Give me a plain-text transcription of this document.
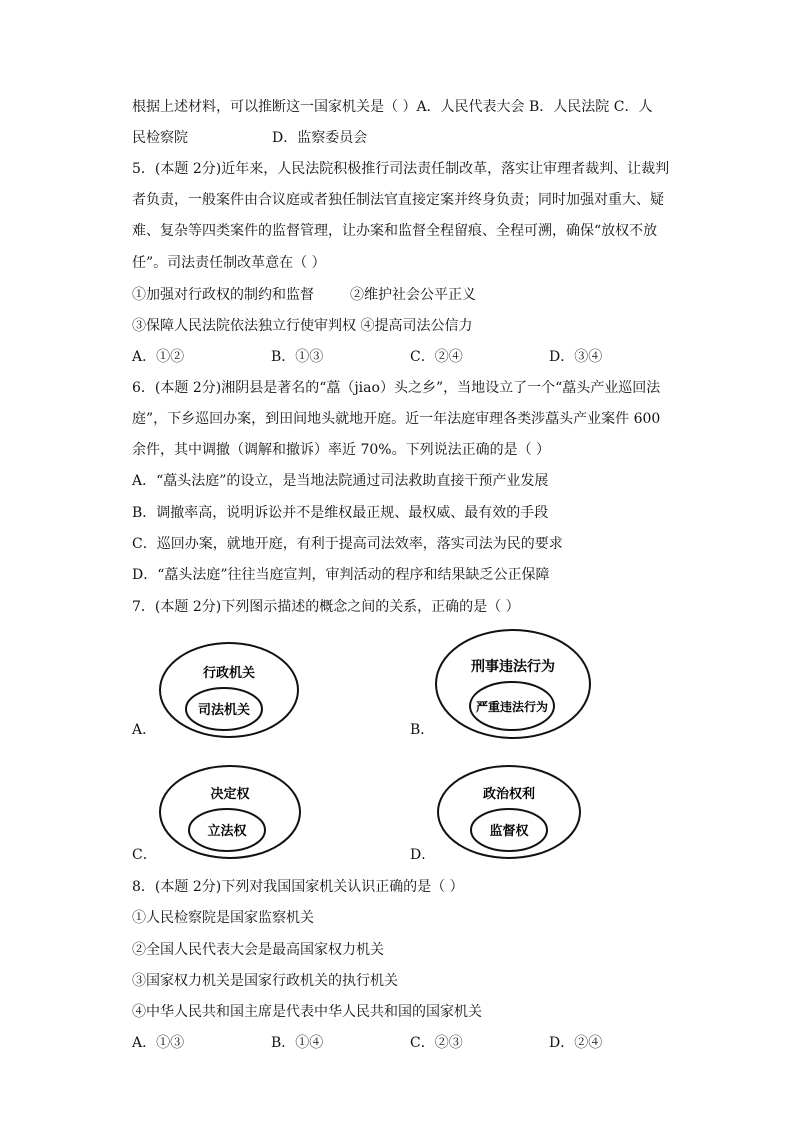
根据上述材料，可以推断这一国家机关是（ ）A．人民代表大会 B．人民法院 C．人
民检察院	D．监察委员会
5．(本题 2分)近年来，人民法院积极推行司法责任制改革，落实让审理者裁判、让裁判
者负责，一般案件由合议庭或者独任制法官直接定案并终身负责；同时加强对重大、疑
难、复杂等四类案件的监督管理，让办案和监督全程留痕、全程可溯，确保“放权不放
任”。司法责任制改革意在（ ）
①加强对行政权的制约和监督	②维护社会公平正义
③保障人民法院依法独立行使审判权 ④提高司法公信力
A．①②	B．①③	C．②④	D．③④
6．(本题 2分)湘阴县是著名的“藠（jiao）头之乡”，当地设立了一个“藠头产业巡回法
庭”，下乡巡回办案，到田间地头就地开庭。近一年法庭审理各类涉藠头产业案件 600
余件，其中调撤（调解和撤诉）率近 70%。下列说法正确的是（ ）
A．“藠头法庭”的设立，是当地法院通过司法救助直接干预产业发展
B．调撤率高，说明诉讼并不是维权最正规、最权威、最有效的手段
C．巡回办案，就地开庭，有利于提高司法效率，落实司法为民的要求
D．“藠头法庭”往往当庭宣判，审判活动的程序和结果缺乏公正保障
7．(本题 2分)下列图示描述的概念之间的关系，正确的是（ ）
A．
行政机关
司法机关
B．
刑事违法行为
严重违法行为
C．
决定权
立法权
D．
政治权利
监督权
8．(本题 2分)下列对我国国家机关认识正确的是（ ）
①人民检察院是国家监察机关
②全国人民代表大会是最高国家权力机关
③国家权力机关是国家行政机关的执行机关
④中华人民共和国主席是代表中华人民共和国的国家机关
A．①③	B．①④	C．②③	D．②④
